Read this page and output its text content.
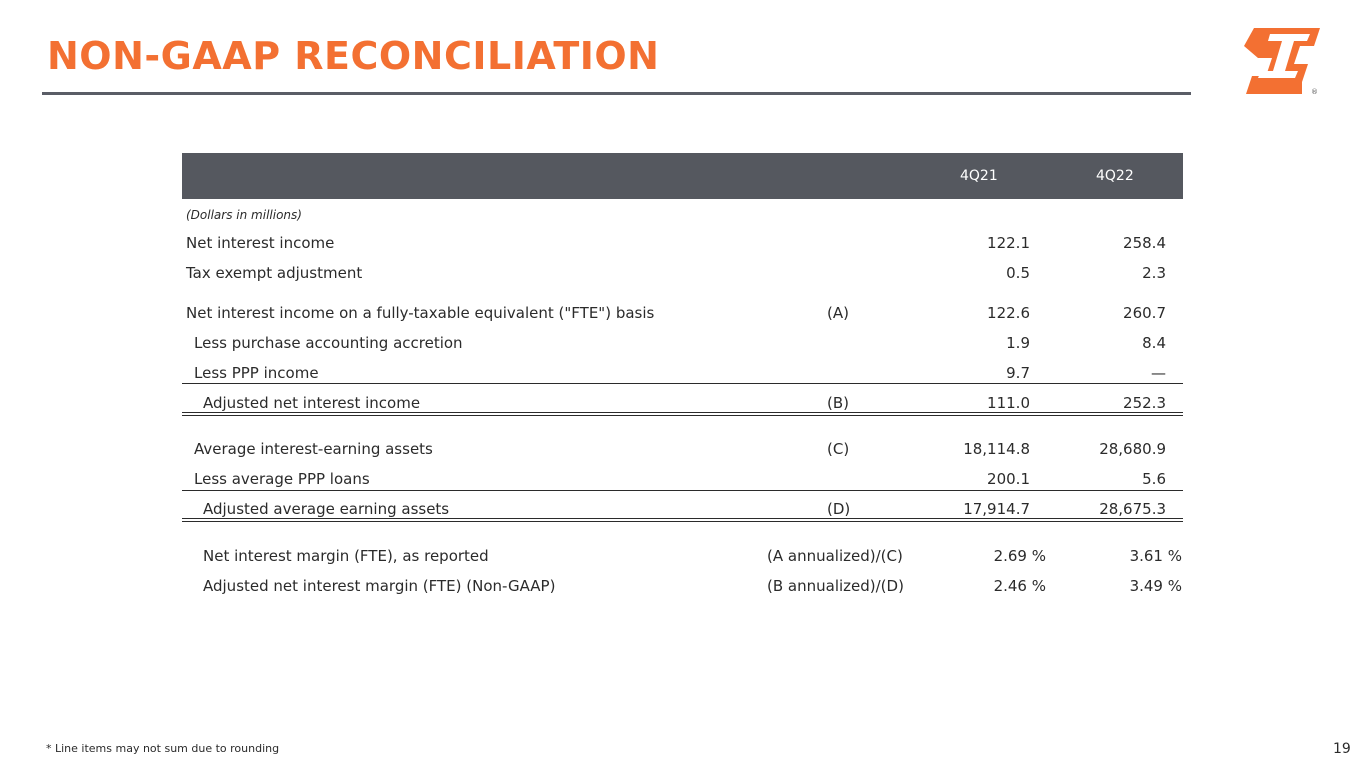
NON-GAAP RECONCILIATION
®
4Q21	4Q22
(Dollars in millions)
Net interest income	122.1	258.4
Tax exempt adjustment	0.5	2.3
Net interest income on a fully-taxable equivalent ("FTE") basis	(A)	122.6	260.7
Less purchase accounting accretion	1.9	8.4
Less PPP income	9.7	—
Adjusted net interest income	(B)	111.0	252.3
Average interest-earning assets	(C)	18,114.8	28,680.9
Less average PPP loans	200.1	5.6
Adjusted average earning assets	(D)	17,914.7	28,675.3
Net interest margin (FTE), as reported	(A annualized)/(C)	2.69 %	3.61 %
Adjusted net interest margin (FTE) (Non-GAAP)	(B annualized)/(D)	2.46 %	3.49 %
* Line items may not sum due to rounding	19
